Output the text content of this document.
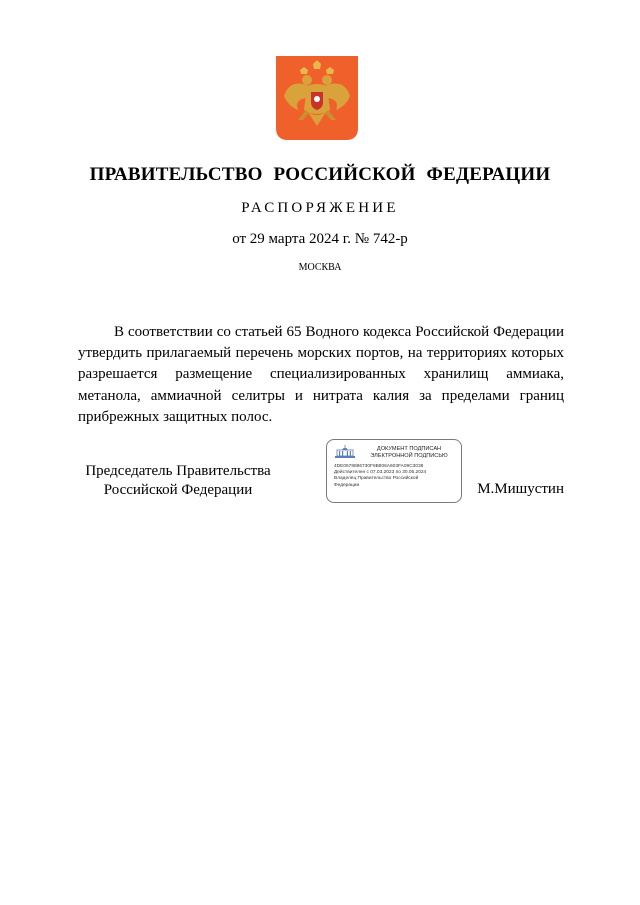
ПРАВИТЕЛЬСТВО РОССИЙСКОЙ ФЕДЕРАЦИИ
РАСПОРЯЖЕНИЕ
от 29 марта 2024 г. № 742-р
МОСКВА
В соответствии со статьей 65 Водного кодекса Российской Федерации утвердить прилагаемый перечень морских портов, на территориях которых разрешается размещение специализированных хранилищ аммиака, метанола, аммиачной селитры и нитрата калия за пределами границ прибрежных защитных полос.
Председатель Правительства
Российской Федерации
ДОКУМЕНТ ПОДПИСАН
ЭЛЕКТРОННОЙ ПОДПИСЬЮ
4DE0578886730F8B806A603FA09C3038
Действителен с 07.03.2023 по 30.05.2024
Владелец Правительство Российской
Федерации	М.Мишустин
